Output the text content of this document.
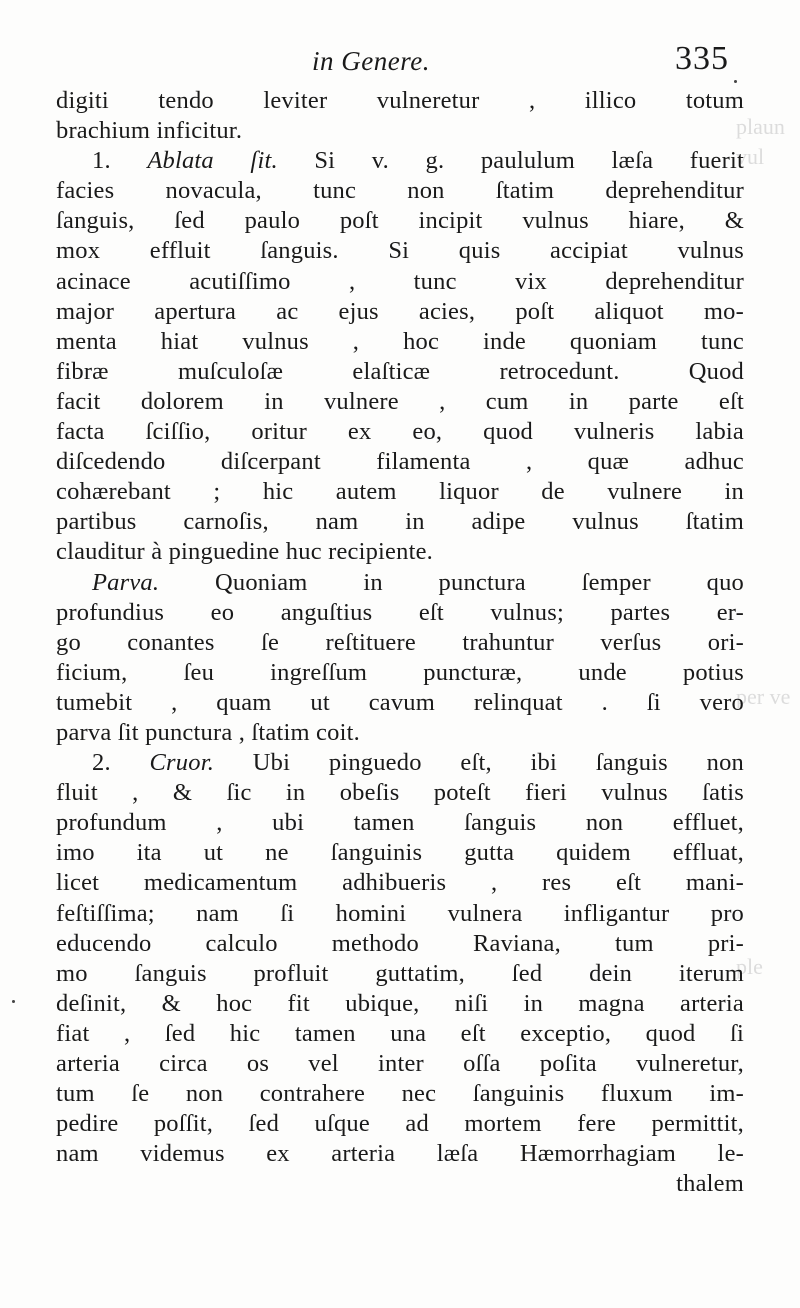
plaun
vul
per ve
ple
in Genere.	335
digiti tendo leviter vulneretur , illico totum
brachium inficitur.
1. Ablata ſit. Si v. g. paululum læſa fuerit
facies novacula, tunc non ſtatim deprehenditur
ſanguis, ſed paulo poſt incipit vulnus hiare, &
mox effluit ſanguis. Si quis accipiat vulnus
acinace acutiſſimo , tunc vix deprehenditur
major apertura ac ejus acies, poſt aliquot mo-
menta hiat vulnus , hoc inde quoniam tunc
fibræ muſculoſæ elaſticæ retrocedunt. Quod
facit dolorem in vulnere , cum in parte eſt
facta ſciſſio, oritur ex eo, quod vulneris labia
diſcedendo diſcerpant filamenta , quæ adhuc
cohærebant ; hic autem liquor de vulnere in
partibus carnoſis, nam in adipe vulnus ſtatim
clauditur à pinguedine huc recipiente.
Parva. Quoniam in punctura ſemper quo
profundius eo anguſtius eſt vulnus; partes er-
go conantes ſe reſtituere trahuntur verſus ori-
ficium, ſeu ingreſſum puncturæ, unde potius
tumebit , quam ut cavum relinquat . ſi vero
parva ſit punctura , ſtatim coit.
2. Cruor. Ubi pinguedo eſt, ibi ſanguis non
fluit , & ſic in obeſis poteſt fieri vulnus ſatis
profundum , ubi tamen ſanguis non effluet,
imo ita ut ne ſanguinis gutta quidem effluat,
licet medicamentum adhibueris , res eſt mani-
feſtiſſima; nam ſi homini vulnera infligantur pro
educendo calculo methodo Raviana, tum pri-
mo ſanguis profluit guttatim, ſed dein iterum
deſinit, & hoc fit ubique, niſi in magna arteria
fiat , ſed hic tamen una eſt exceptio, quod ſi
arteria circa os vel inter oſſa poſita vulneretur,
tum ſe non contrahere nec ſanguinis fluxum im-
pedire poſſit, ſed uſque ad mortem fere permittit,
nam videmus ex arteria læſa Hæmorrhagiam le-
thalem
